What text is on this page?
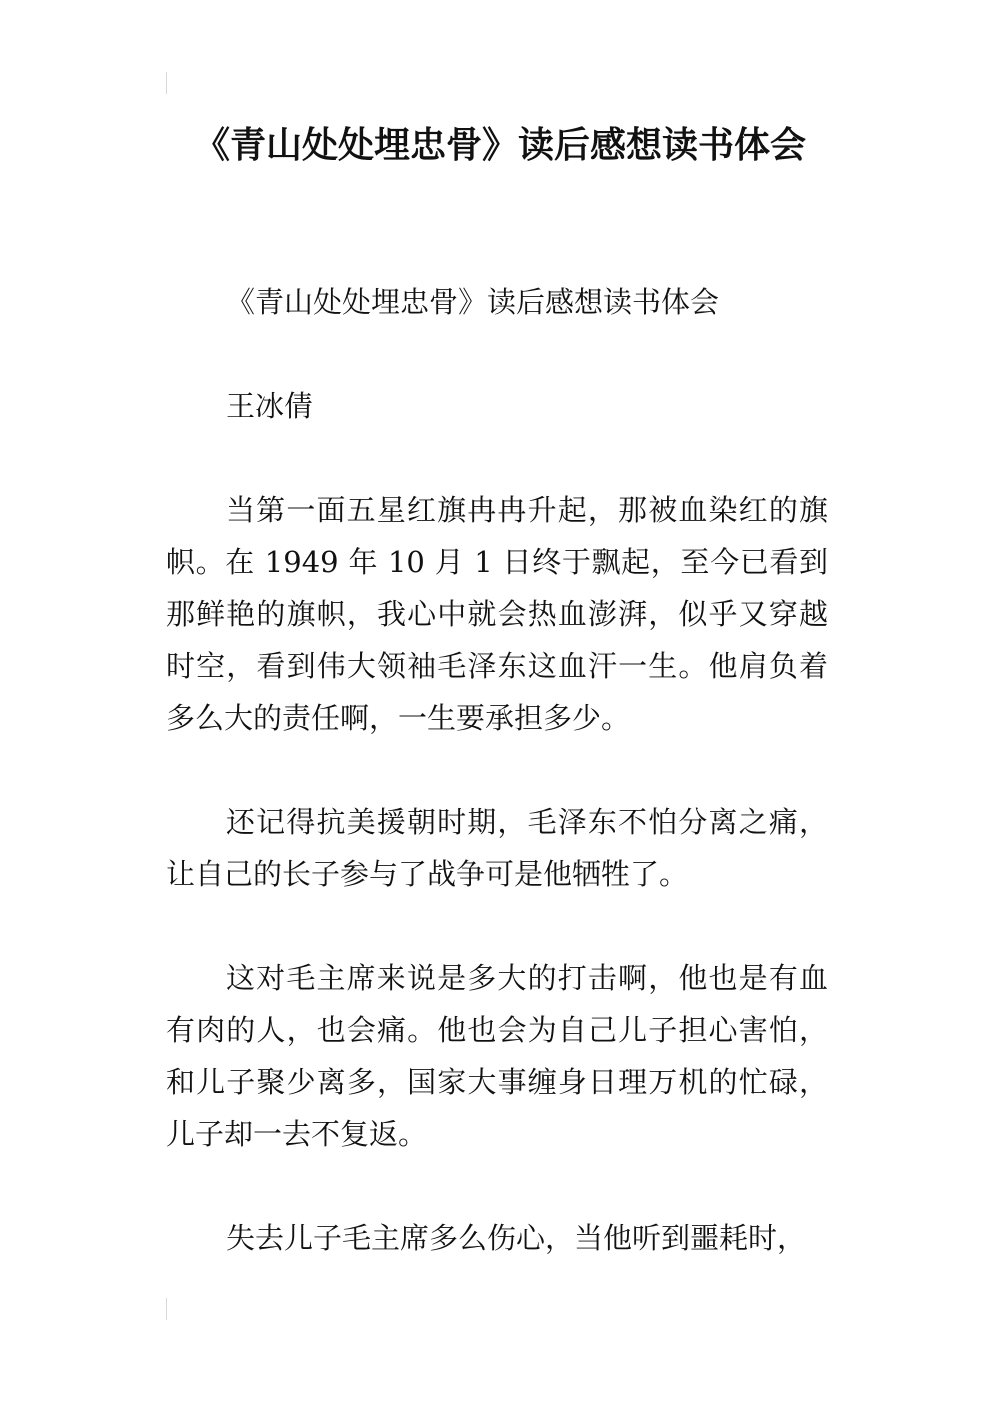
《青山处处埋忠骨》读后感想读书体会

《青山处处埋忠骨》读后感想读书体会

王冰倩

当第一面五星红旗冉冉升起，那被血染红的旗帜。在 1949 年 10 月 1 日终于飘起，至今已看到那鲜艳的旗帜，我心中就会热血澎湃，似乎又穿越时空，看到伟大领袖毛泽东这血汗一生。他肩负着多么大的责任啊，一生要承担多少。

还记得抗美援朝时期，毛泽东不怕分离之痛，让自己的长子参与了战争可是他牺牲了。

这对毛主席来说是多大的打击啊，他也是有血有肉的人，也会痛。他也会为自己儿子担心害怕，和儿子聚少离多，国家大事缠身日理万机的忙碌，儿子却一去不复返。

失去儿子毛主席多么伤心，当他听到噩耗时，
